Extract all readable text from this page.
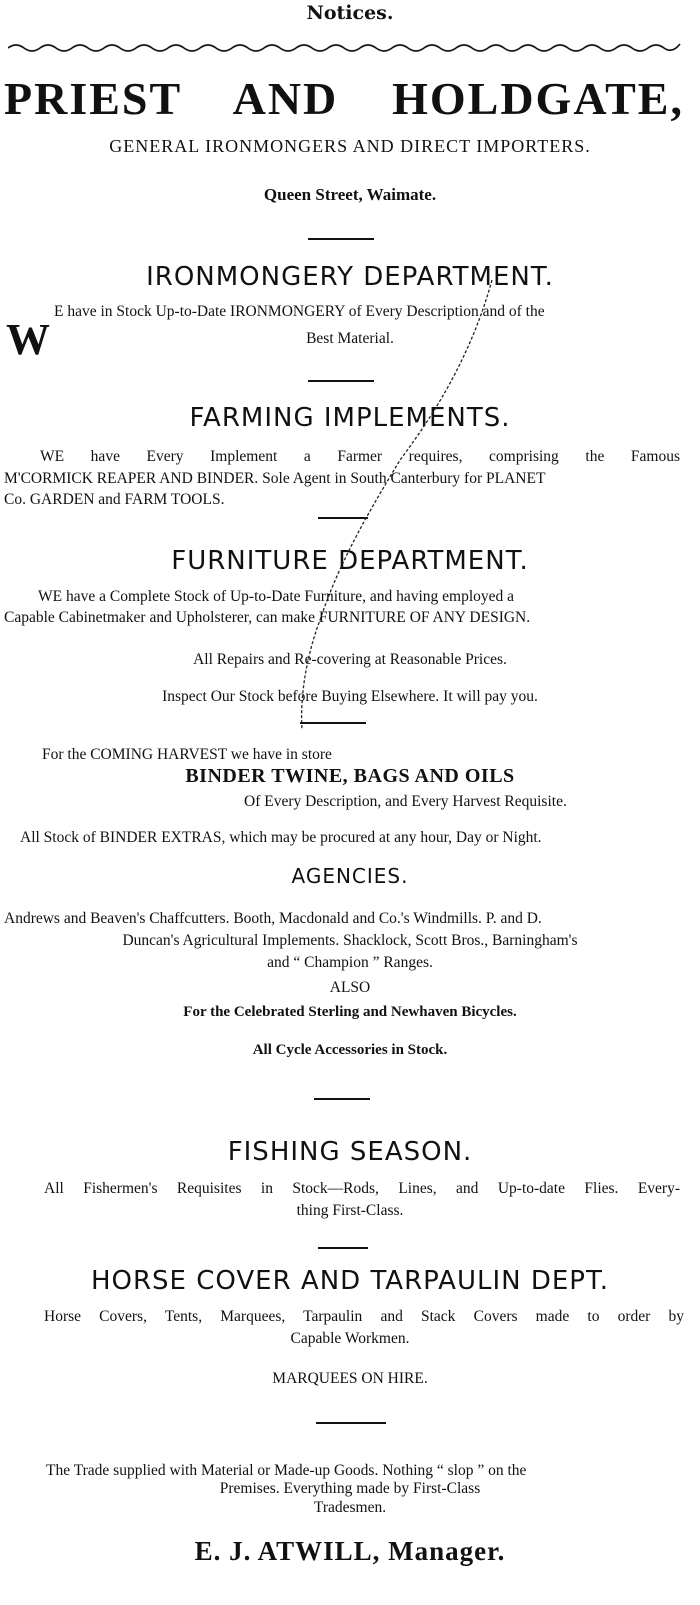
Notices.
PRIEST AND HOLDGATE,
GENERAL IRONMONGERS AND DIRECT IMPORTERS.
Queen Street, Waimate.
IRONMONGERY DEPARTMENT.
W
E have in Stock Up-to-Date IRONMONGERY of Every Description and of the
Best Material.
FARMING IMPLEMENTS.
WE have Every Implement a Farmer requires, comprising the Famous
M'CORMICK REAPER AND BINDER. Sole Agent in South Canterbury for PLANET
Co. GARDEN and FARM TOOLS.
FURNITURE DEPARTMENT.
WE have a Complete Stock of Up-to-Date Furniture, and having employed a
Capable Cabinetmaker and Upholsterer, can make FURNITURE OF ANY DESIGN.
All Repairs and Re-covering at Reasonable Prices.
Inspect Our Stock before Buying Elsewhere. It will pay you.
For the COMING HARVEST we have in store
BINDER TWINE, BAGS AND OILS
Of Every Description, and Every Harvest Requisite.
All Stock of BINDER EXTRAS, which may be procured at any hour, Day or Night.
AGENCIES.
Andrews and Beaven's Chaffcutters. Booth, Macdonald and Co.'s Windmills. P. and D.
Duncan's Agricultural Implements. Shacklock, Scott Bros., Barningham's
and “ Champion ” Ranges.
ALSO
For the Celebrated Sterling and Newhaven Bicycles.
All Cycle Accessories in Stock.
FISHING SEASON.
All Fishermen's Requisites in Stock—Rods, Lines, and Up-to-date Flies. Every-
thing First-Class.
HORSE COVER AND TARPAULIN DEPT.
Horse Covers, Tents, Marquees, Tarpaulin and Stack Covers made to order by
Capable Workmen.
MARQUEES ON HIRE.
The Trade supplied with Material or Made-up Goods. Nothing “ slop ” on the
Premises. Everything made by First-Class
Tradesmen.
E. J. ATWILL, Manager.
